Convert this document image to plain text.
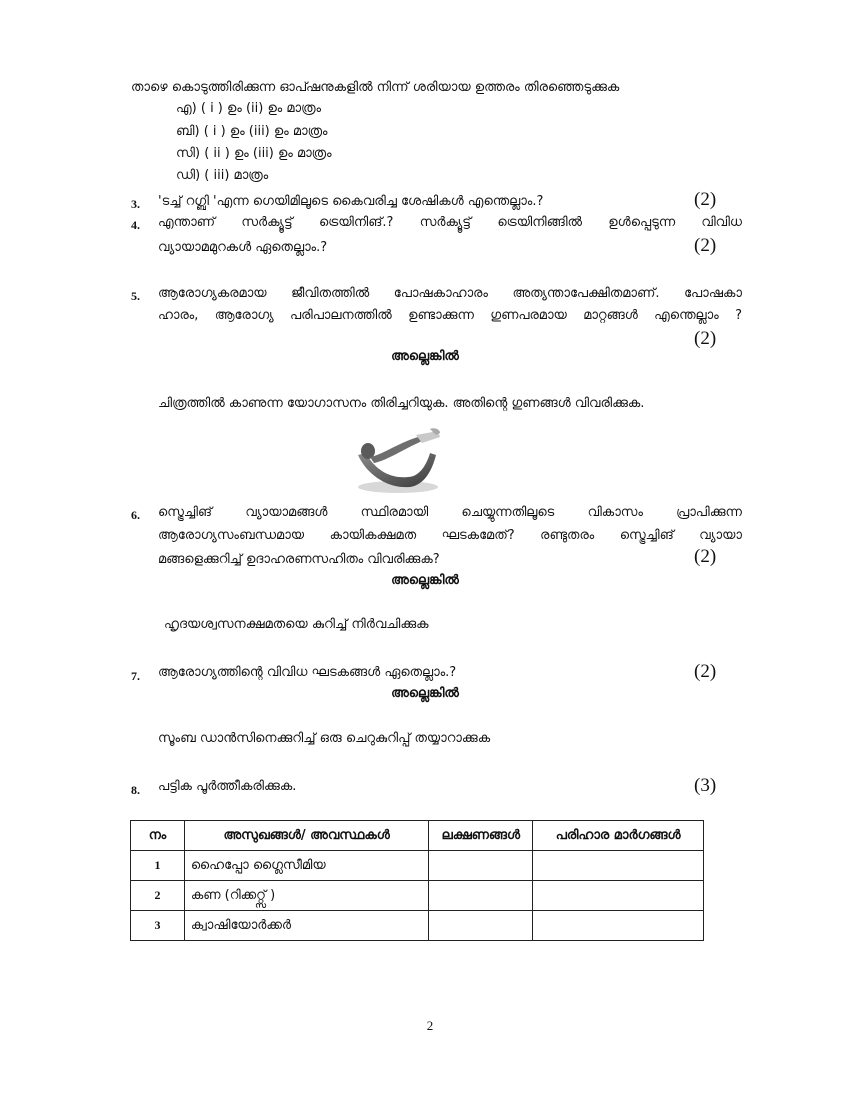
താഴെ കൊടുത്തിരിക്കുന്ന ഓപ്ഷനുകളിൽ നിന്ന് ശരിയായ ഉത്തരം തിരഞ്ഞെടുക്കുക
എ) ( i ) ഉം (ii) ഉം മാത്രം
ബി) ( i ) ഉം (iii) ഉം മാത്രം
സി) ( ii ) ഉം (iii) ഉം മാത്രം
ഡി) ( iii) മാത്രം
3. 'ടച്ച് റഗ്ബി 'എന്ന ഗെയിമിലൂടെ കൈവരിച്ച ശേഷികൾ എന്തെല്ലാം.?	(2)
4. എന്താണ് സർക്യൂട്ട് ട്രെയിനിങ്.? സർക്യൂട്ട് ട്രെയിനിങ്ങിൽ ഉൾപ്പെടുന്ന വിവിധ
വ്യായാമമുറകൾ ഏതെല്ലാം.?	(2)
5. ആരോഗ്യകരമായ ജീവിതത്തിൽ പോഷകാഹാരം അത്യന്താപേക്ഷിതമാണ്. പോഷകാ
ഹാരം, ആരോഗ്യ പരിപാലനത്തിൽ ഉണ്ടാക്കുന്ന ഗുണപരമായ മാറ്റങ്ങൾ എന്തെല്ലാം ?
(2)
അല്ലെങ്കിൽ
ചിത്രത്തിൽ കാണുന്ന യോഗാസനം തിരിച്ചറിയുക. അതിന്റെ ഗുണങ്ങൾ വിവരിക്കുക.
6. സ്ട്രെച്ചിങ്	വ്യായാമങ്ങൾ	സ്ഥിരമായി	ചെയ്യുന്നതിലൂടെ	വികാസം	പ്രാപിക്കുന്ന
ആരോഗ്യസംബന്ധമായ കായികക്ഷമത ഘടകമേത്? രണ്ടുതരം സ്ട്രെച്ചിങ് വ്യായാ
മങ്ങളെക്കുറിച്ച് ഉദാഹരണസഹിതം വിവരിക്കുക?	(2)
അല്ലെങ്കിൽ
ഹൃദയശ്വസനക്ഷമതയെ കുറിച്ച് നിർവചിക്കുക
7. ആരോഗ്യത്തിന്റെ വിവിധ ഘടകങ്ങൾ ഏതെല്ലാം.?	(2)
അല്ലെങ്കിൽ
സൂംബ ഡാൻസിനെക്കുറിച്ച് ഒരു ചെറുകുറിപ്പ് തയ്യാറാക്കുക
8. പട്ടിക പൂർത്തീകരിക്കുക.	(3)
നം	അസുഖങ്ങൾ/ അവസ്ഥകൾ	ലക്ഷണങ്ങൾ	പരിഹാര മാർഗങ്ങൾ
1	ഹൈപ്പോ ഗ്ലൈസീമിയ		
2	കണ (റിക്കറ്റ്സ് )		
3	ക്വാഷിയോർക്കർ		
2
